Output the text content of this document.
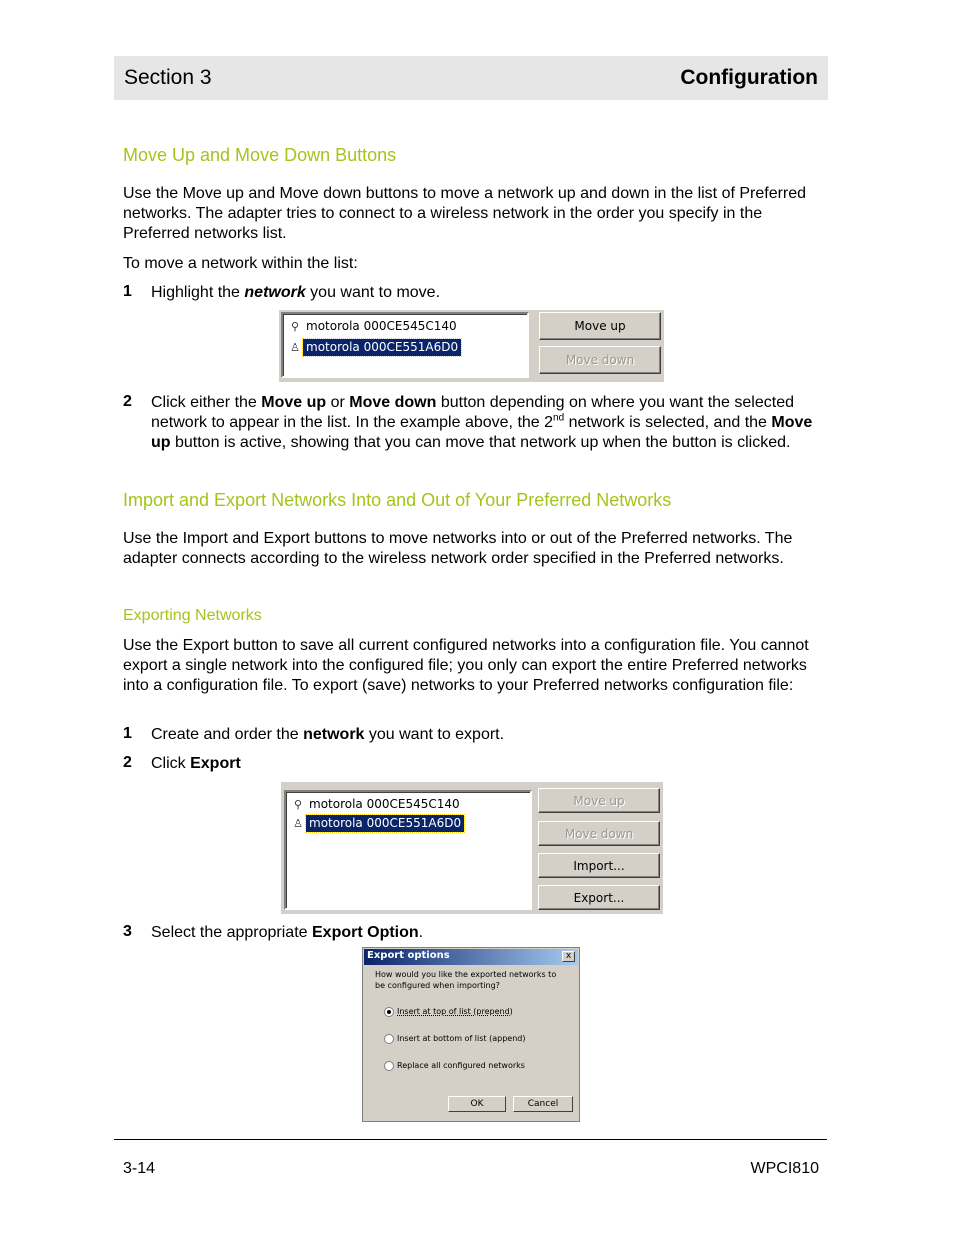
Section 3	Configuration
Move Up and Move Down Buttons
Use the Move up and Move down buttons to move a network up and down in the list of Preferred networks. The adapter tries to connect to a wireless network in the order you specify in the Preferred networks list.
To move a network within the list:
1 Highlight the network you want to move.
⚲ motorola 000CE545C140
♙ motorola 000CE551A6D0
Move up
Move down
2 Click either the Move up or Move down button depending on where you want the selected network to appear in the list. In the example above, the 2nd network is selected, and the Move up button is active, showing that you can move that network up when the button is clicked.
Import and Export Networks Into and Out of Your Preferred Networks
Use the Import and Export buttons to move networks into or out of the Preferred networks. The adapter connects according to the wireless network order specified in the Preferred networks.
Exporting Networks
Use the Export button to save all current configured networks into a configuration file. You cannot export a single network into the configured file; you only can export the entire Preferred networks into a configuration file. To export (save) networks to your Preferred networks configuration file:
1 Create and order the network you want to export.
2 Click Export
⚲ motorola 000CE545C140
♙ motorola 000CE551A6D0
Move up
Move down
Import...
Export...
3 Select the appropriate Export Option.
Export options	x
How would you like the exported networks to be configured when importing?
Insert at top of list (prepend)
Insert at bottom of list (append)
Replace all configured networks
OK	Cancel
3-14	WPCI810
